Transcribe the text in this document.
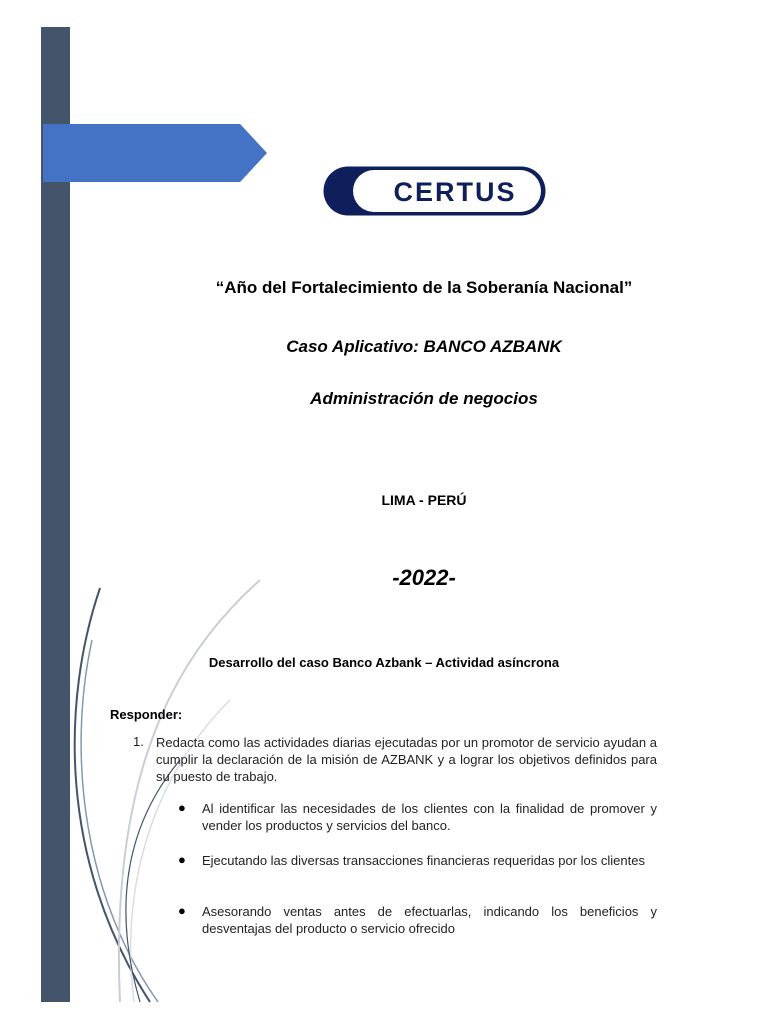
CERTUS

“Año del Fortalecimiento de la Soberanía Nacional”

Caso Aplicativo: BANCO AZBANK

Administración de negocios

LIMA - PERÚ

-2022-

Desarrollo del caso Banco Azbank – Actividad asíncrona

Responder:

1. Redacta como las actividades diarias ejecutadas por un promotor de servicio ayudan a cumplir la declaración de la misión de AZBANK y a lograr los objetivos definidos para su puesto de trabajo.

● Al identificar las necesidades de los clientes con la finalidad de promover y vender los productos y servicios del banco.

● Ejecutando las diversas transacciones financieras requeridas por los clientes

● Asesorando ventas antes de efectuarlas, indicando los beneficios y desventajas del producto o servicio ofrecido
